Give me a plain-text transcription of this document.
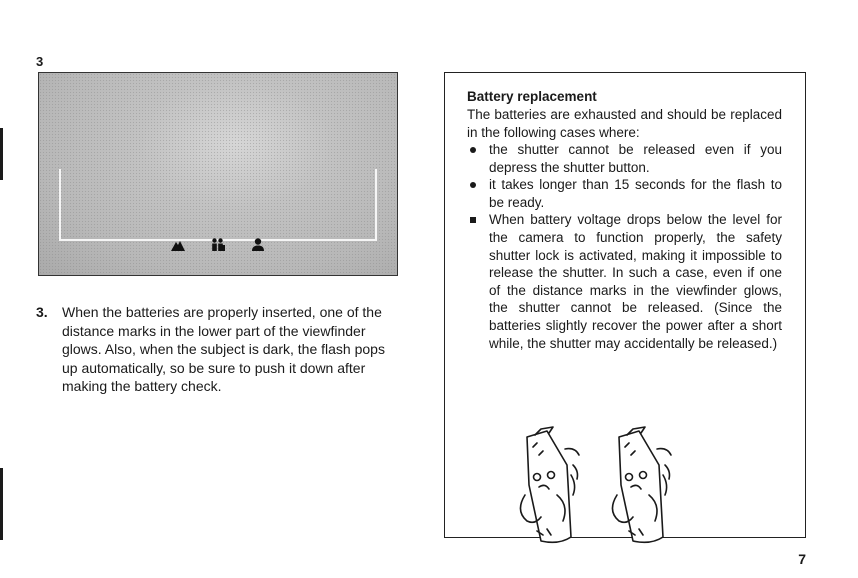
3
3. When the batteries are properly inserted, one of the distance marks in the lower part of the viewfinder glows. Also, when the subject is dark, the flash pops up automatically, so be sure to push it down after making the battery check.
Battery replacement
The batteries are exhausted and should be replaced in the following cases where:
the shutter cannot be released even if you depress the shutter button.
it takes longer than 15 seconds for the flash to be ready.
When battery voltage drops below the level for the camera to function properly, the safety shutter lock is activated, making it impossible to release the shutter. In such a case, even if one of the distance marks in the viewfinder glows, the shutter cannot be released. (Since the batteries slightly recover the power after a short while, the shutter may accidentally be released.)
7
